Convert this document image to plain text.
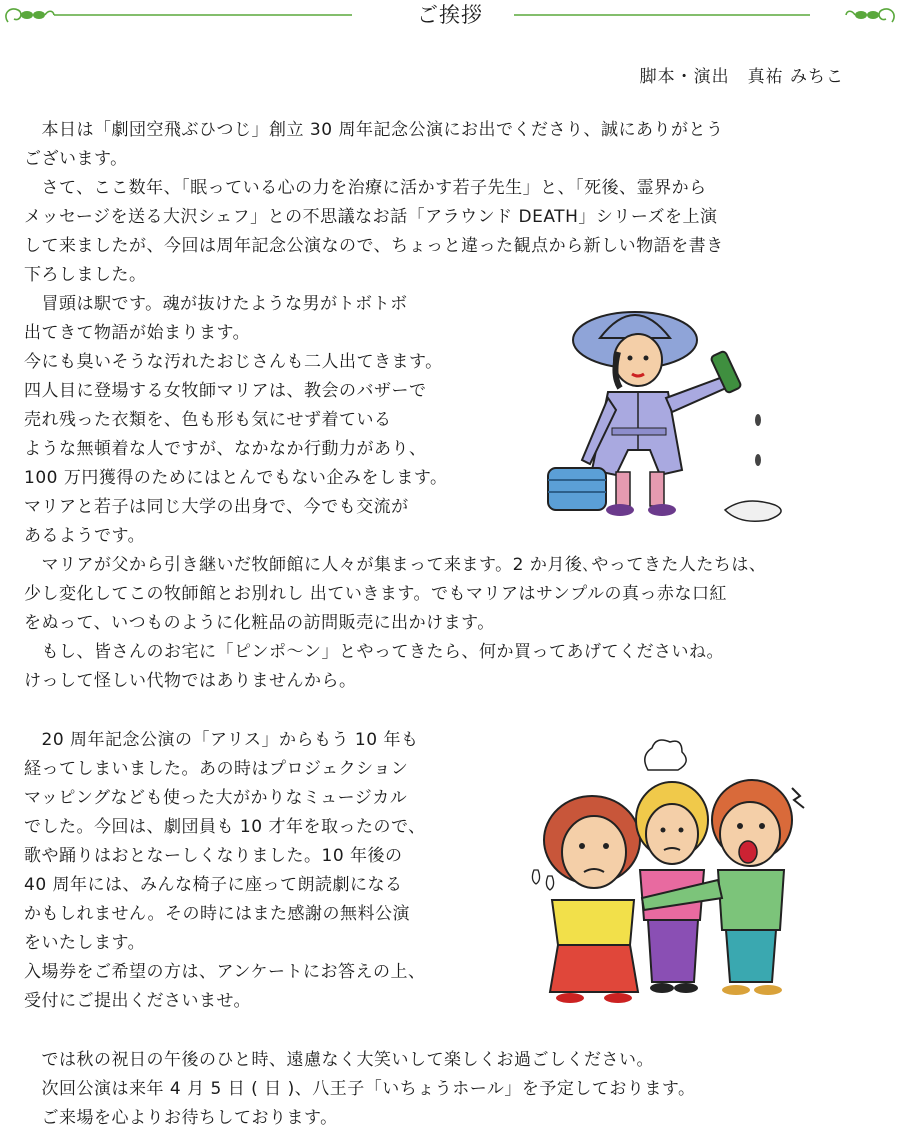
ご挨拶
脚本・演出　真祐 みちこ
　本日は「劇団空飛ぶひつじ」創立 30 周年記念公演にお出でくださり、誠にありがとう
ございます。
　さて、ここ数年、「眠っている心の力を治療に活かす若子先生」と、「死後、霊界から
メッセージを送る大沢シェフ」との不思議なお話「アラウンド DEATH」シリーズを上演
して来ましたが、今回は周年記念公演なので、ちょっと違った観点から新しい物語を書き
下ろしました。
　冒頭は駅です。魂が抜けたような男がトボトボ
出てきて物語が始まります。
今にも臭いそうな汚れたおじさんも二人出てきます。
四人目に登場する女牧師マリアは、教会のバザーで
売れ残った衣類を、色も形も気にせず着ている
ような無頓着な人ですが、なかなか行動力があり、
100 万円獲得のためにはとんでもない企みをします。
マリアと若子は同じ大学の出身で、今でも交流が
あるようです。
　マリアが父から引き継いだ牧師館に人々が集まって来ます。2 か月後､やってきた人たちは、
少し変化してこの牧師館とお別れし 出ていきます。でもマリアはサンプルの真っ赤な口紅
をぬって、いつものように化粧品の訪問販売に出かけます。
　もし、皆さんのお宅に「ピンポ～ン」とやってきたら、何か買ってあげてくださいね。
けっして怪しい代物ではありませんから。
　20 周年記念公演の「アリス」からもう 10 年も
経ってしまいました。あの時はプロジェクション
マッピングなども使った大がかりなミュージカル
でした。今回は、劇団員も 10 才年を取ったので、
歌や踊りはおとなーしくなりました。10 年後の
40 周年には、みんな椅子に座って朗読劇になる
かもしれません。その時にはまた感謝の無料公演
をいたします。
入場券をご希望の方は、アンケートにお答えの上、
受付にご提出くださいませ。
　では秋の祝日の午後のひと時、遠慮なく大笑いして楽しくお過ごしください。
　次回公演は来年 4 月 5 日 ( 日 )、八王子「いちょうホール」を予定しております。
　ご来場を心よりお待ちしております。
